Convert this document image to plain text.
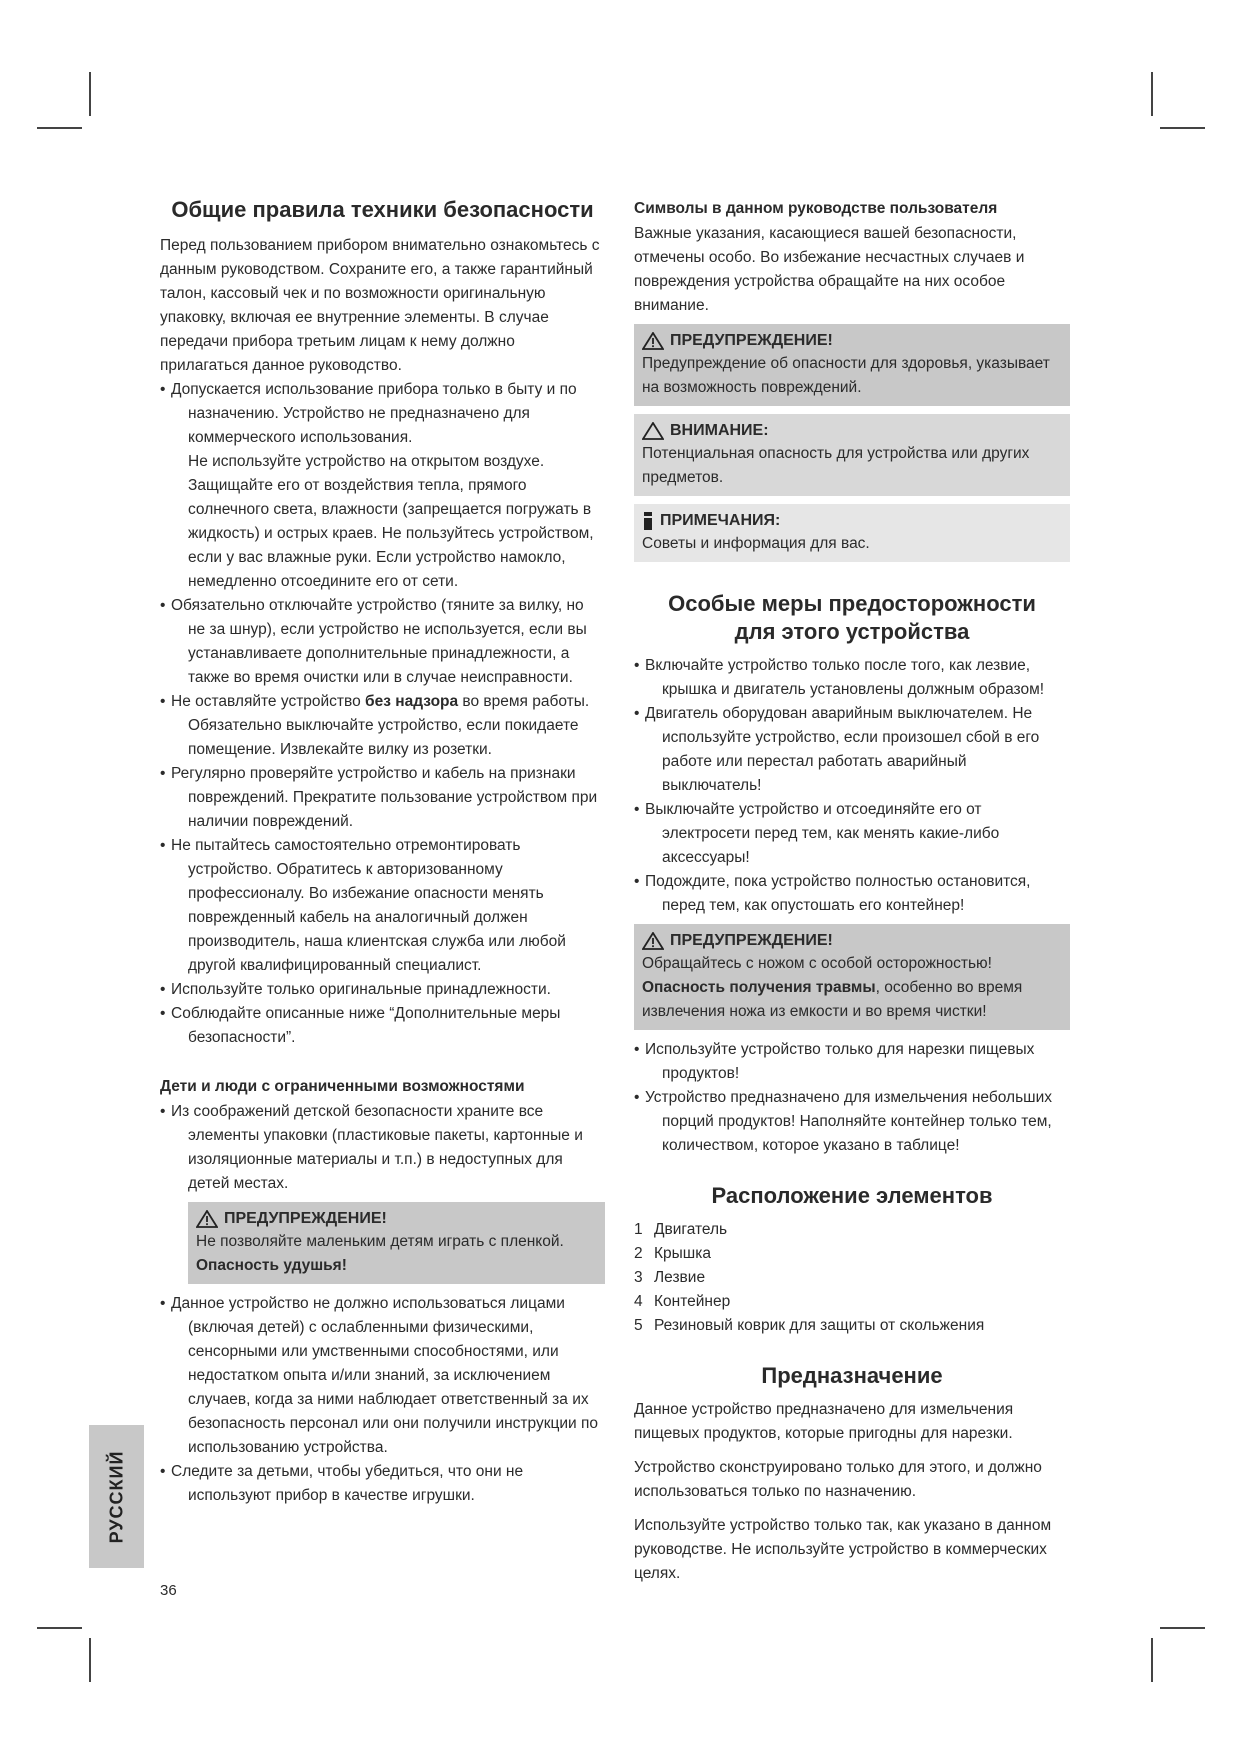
Общие правила техники безопасности

Перед пользованием прибором внимательно ознакомьтесь с данным руководством. Сохраните его, а также гарантийный талон, кассовый чек и по возможности оригинальную упаковку, включая ее внутренние элементы. В случае передачи прибора третьим лицам к нему должно прилагаться данное руководство.

• Допускается использование прибора только в быту и по назначению. Устройство не предназначено для коммерческого использования.

Не используйте устройство на открытом воздухе. Защищайте его от воздействия тепла, прямого солнечного света, влажности (запрещается погружать в жидкость) и острых краев. Не пользуйтесь устройством, если у вас влажные руки. Если устройство намокло, немедленно отсоедините его от сети.

• Обязательно отключайте устройство (тяните за вилку, но не за шнур), если устройство не используется, если вы устанавливаете дополнительные принадлежности, а также во время очистки или в случае неисправности.
• Не оставляйте устройство без надзора во время работы. Обязательно выключайте устройство, если покидаете помещение. Извлекайте вилку из розетки.
• Регулярно проверяйте устройство и кабель на признаки повреждений. Прекратите пользование устройством при наличии повреждений.
• Не пытайтесь самостоятельно отремонтировать устройство. Обратитесь к авторизованному профессионалу. Во избежание опасности менять поврежденный кабель на аналогичный должен производитель, наша клиентская служба или любой другой квалифицированный специалист.
• Используйте только оригинальные принадлежности.
• Соблюдайте описанные ниже “Дополнительные меры безопасности”.
Дети и люди с ограниченными возможностями
• Из соображений детской безопасности храните все элементы упаковки (пластиковые пакеты, картонные и изоляционные материалы и т.п.) в недоступных для детей местах.
ПРЕДУПРЕЖДЕНИЕ!

Не позволяйте маленьким детям играть с пленкой.

Опасность удушья!

• Данное устройство не должно использоваться лицами (включая детей) с ослабленными физическими, сенсорными или умственными способностями, или недостатком опыта и/или знаний, за исключением случаев, когда за ними наблюдает ответственный за их безопасность персонал или они получили инструкции по использованию устройства.
• Следите за детьми, чтобы убедиться, что они не используют прибор в качестве игрушки.
Символы в данном руководстве пользователя

Важные указания, касающиеся вашей безопасности, отмечены особо. Во избежание несчастных случаев и повреждения устройства обращайте на них особое внимание.

ПРЕДУПРЕЖДЕНИЕ!

Предупреждение об опасности для здоровья, указывает на возможность повреждений.

ВНИМАНИЕ:

Потенциальная опасность для устройства или других предметов.

ПРИМЕЧАНИЯ:

Советы и информация для вас.

Особые меры предосторожности
для этого устройства
• Включайте устройство только после того, как лезвие, крышка и двигатель установлены должным образом!
• Двигатель оборудован аварийным выключателем. Не используйте устройство, если произошел сбой в его работе или перестал работать аварийный выключатель!
• Выключайте устройство и отсоединяйте его от электросети перед тем, как менять какие-либо аксессуары!
• Подождите, пока устройство полностью остановится, перед тем, как опустошать его контейнер!
ПРЕДУПРЕЖДЕНИЕ!

Обращайтесь с ножом с особой осторожностью!

Опасность получения травмы, особенно во время извлечения ножа из емкости и во время чистки!

• Используйте устройство только для нарезки пищевых продуктов!
• Устройство предназначено для измельчения небольших порций продуктов! Наполняйте контейнер только тем, количеством, которое указано в таблице!
Расположение элементов
1 Двигатель
2 Крышка
3 Лезвие
4 Контейнер
5 Резиновый коврик для защиты от скольжения
Предназначение

Данное устройство предназначено для измельчения пищевых продуктов, которые пригодны для нарезки.

Устройство сконструировано только для этого, и должно использоваться только по назначению.

Используйте устройство только так, как указано в данном руководстве. Не используйте устройство в коммерческих целях.

РУССКИЙ
36
